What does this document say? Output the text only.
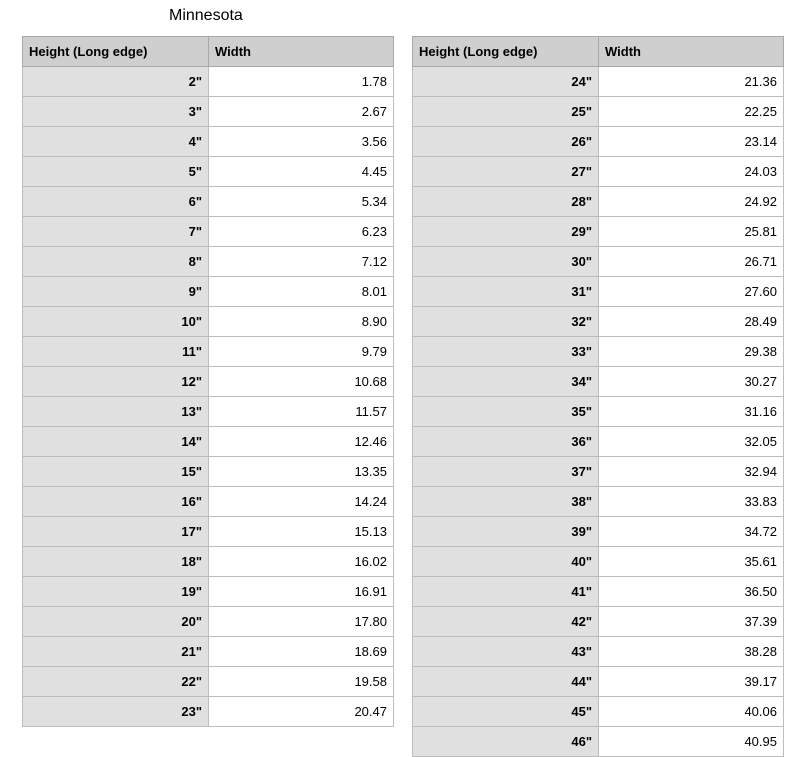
Minnesota
Height (Long edge)	Width
2"	1.78
3"	2.67
4"	3.56
5"	4.45
6"	5.34
7"	6.23
8"	7.12
9"	8.01
10"	8.90
11"	9.79
12"	10.68
13"	11.57
14"	12.46
15"	13.35
16"	14.24
17"	15.13
18"	16.02
19"	16.91
20"	17.80
21"	18.69
22"	19.58
23"	20.47
Height (Long edge)	Width
24"	21.36
25"	22.25
26"	23.14
27"	24.03
28"	24.92
29"	25.81
30"	26.71
31"	27.60
32"	28.49
33"	29.38
34"	30.27
35"	31.16
36"	32.05
37"	32.94
38"	33.83
39"	34.72
40"	35.61
41"	36.50
42"	37.39
43"	38.28
44"	39.17
45"	40.06
46"	40.95
